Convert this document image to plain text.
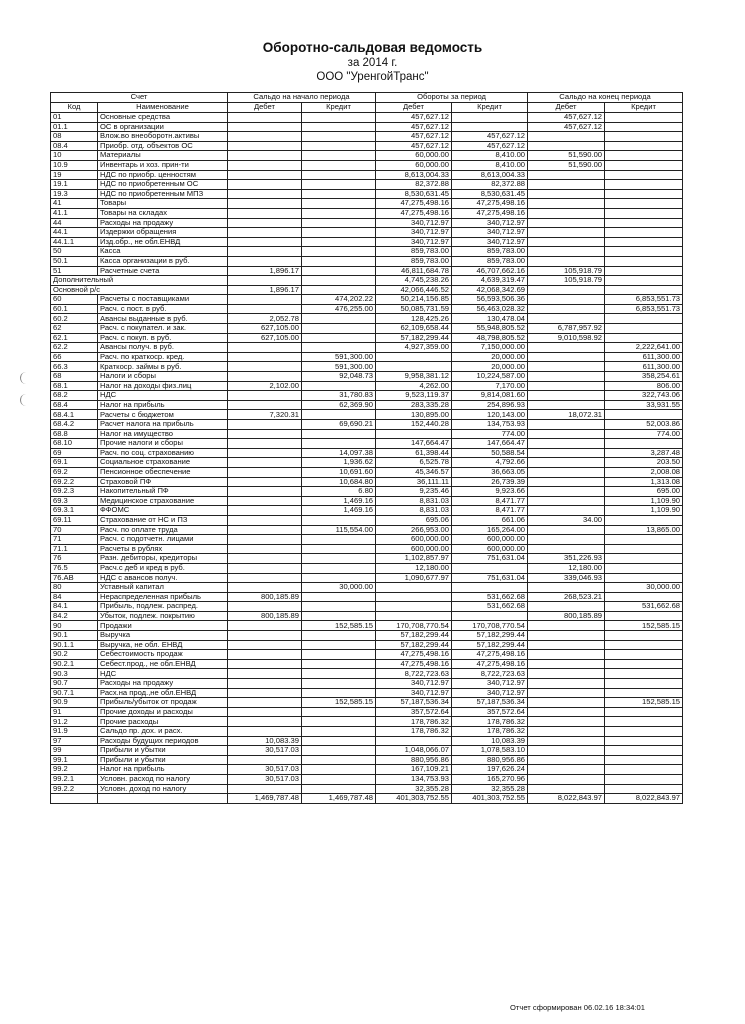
Оборотно-сальдовая ведомость
за 2014 г.
ООО "УренгойТранс"
Счет		Сальдо на начало периода		Обороты за период		Сальдо на конец периода	
Код	Наименование						
		Дебет	Кредит	Дебет	Кредит	Дебет	Кредит
01	Основные средства			457,627.12		457,627.12	
01.1	ОС в организации			457,627.12		457,627.12	
08	Влож.во внеоборотн.активы			457,627.12	457,627.12		
08.4	Приобр. отд. объектов ОС			457,627.12	457,627.12		
10	Материалы			60,000.00	8,410.00	51,590.00	
10.9	Инвентарь и хоз. прин-ти			60,000.00	8,410.00	51,590.00	
19	НДС по приобр. ценностям			8,613,004.33	8,613,004.33		
19.1	НДС по приобретенным ОС			82,372.88	82,372.88		
19.3	НДС по приобретенным МПЗ			8,530,631.45	8,530,631.45		
41	Товары			47,275,498.16	47,275,498.16		
41.1	Товары на складах			47,275,498.16	47,275,498.16		
44	Расходы на продажу			340,712.97	340,712.97		
44.1	Издержки обращения			340,712.97	340,712.97		
44.1.1	Изд.обр., не обл.ЕНВД			340,712.97	340,712.97		
50	Касса			859,783.00	859,783.00		
50.1	Касса организации в руб.			859,783.00	859,783.00		
51	Расчетные счета	1,896.17		46,811,684.78	46,707,662.16	105,918.79	
Дополнительный				4,745,238.26	4,639,319.47	105,918.79	
Основной р/с		1,896.17		42,066,446.52	42,068,342.69		
60	Расчеты с поставщиками		474,202.22	50,214,156.85	56,593,506.36		6,853,551.73
60.1	Расч. с пост. в руб.		476,255.00	50,085,731.59	56,463,028.32		6,853,551.73
60.2	Авансы выданные в руб.	2,052.78		128,425.26	130,478.04		
62	Расч. с покупател. и зак.	627,105.00		62,109,658.44	55,948,805.52	6,787,957.92	
62.1	Расч. с покуп. в руб.	627,105.00		57,182,299.44	48,798,805.52	9,010,598.92	
62.2	Авансы получ. в руб.			4,927,359.00	7,150,000.00		2,222,641.00
66	Расч. по краткоср. кред.		591,300.00		20,000.00		611,300.00
66.3	Краткоср. займы в руб.		591,300.00		20,000.00		611,300.00
68	Налоги и сборы		92,048.73	9,958,381.12	10,224,587.00		358,254.61
68.1	Налог на доходы физ.лиц	2,102.00		4,262.00	7,170.00		806.00
68.2	НДС		31,780.83	9,523,119.37	9,814,081.60		322,743.06
68.4	Налог на прибыль		62,369.90	283,335.28	254,896.93		33,931.55
68.4.1	Расчеты с бюджетом	7,320.31		130,895.00	120,143.00	18,072.31	
68.4.2	Расчет налога на прибыль		69,690.21	152,440.28	134,753.93		52,003.86
68.8	Налог на имущество				774.00		774.00
68.10	Прочие налоги и сборы			147,664.47	147,664.47		
69	Расч. по соц. страхованию		14,097.38	61,398.44	50,588.54		3,287.48
69.1	Социальное страхование		1,936.62	6,525.78	4,792.66		203.50
69.2	Пенсионное обеспечение		10,691.60	45,346.57	36,663.05		2,008.08
69.2.2	Страховой ПФ		10,684.80	36,111.11	26,739.39		1,313.08
69.2.3	Накопительный ПФ		6.80	9,235.46	9,923.66		695.00
69.3	Медицинское страхование		1,469.16	8,831.03	8,471.77		1,109.90
69.3.1	ФФОМС		1,469.16	8,831.03	8,471.77		1,109.90
69.11	Страхование от НС и ПЗ			695.06	661.06	34.00	
70	Расч. по оплате труда		115,554.00	266,953.00	165,264.00		13,865.00
71	Расч. с подотчетн. лицами			600,000.00	600,000.00		
71.1	Расчеты в рублях			600,000.00	600,000.00		
76	Разн. дебиторы, кредиторы			1,102,857.97	751,631.04	351,226.93	
76.5	Расч.с деб и кред в руб.			12,180.00		12,180.00	
76.АВ	НДС с авансов получ.			1,090,677.97	751,631.04	339,046.93	
80	Уставный капитал		30,000.00				30,000.00
84	Нераспределенная прибыль	800,185.89			531,662.68	268,523.21	
84.1	Прибыль, подлеж. распред.				531,662.68		531,662.68
84.2	Убыток, подлеж. покрытию	800,185.89				800,185.89	
90	Продажи		152,585.15	170,708,770.54	170,708,770.54		152,585.15
90.1	Выручка			57,182,299.44	57,182,299.44		
90.1.1	Выручка, не обл. ЕНВД			57,182,299.44	57,182,299.44		
90.2	Себестоимость продаж			47,275,498.16	47,275,498.16		
90.2.1	Себест.прод., не обл.ЕНВД			47,275,498.16	47,275,498.16		
90.3	НДС			8,722,723.63	8,722,723.63		
90.7	Расходы на продажу			340,712.97	340,712.97		
90.7.1	Расх.на прод.,не обл.ЕНВД			340,712.97	340,712.97		
90.9	Прибыль/убыток от продаж		152,585.15	57,187,536.34	57,187,536.34		152,585.15
91	Прочие доходы и расходы			357,572.64	357,572.64		
91.2	Прочие расходы			178,786.32	178,786.32		
91.9	Сальдо пр. дох. и расх.			178,786.32	178,786.32		
97	Расходы будущих периодов	10,083.39			10,083.39		
99	Прибыли и убытки	30,517.03		1,048,066.07	1,078,583.10		
99.1	Прибыли и убытки			880,956.86	880,956.86		
99.2	Налог на прибыль	30,517.03		167,109.21	197,626.24		
99.2.1	Условн. расход по налогу	30,517.03		134,753.93	165,270.96		
99.2.2	Условн. доход по налогу			32,355.28	32,355.28		
		1,469,787.48	1,469,787.48	401,303,752.55	401,303,752.55	8,022,843.97	8,022,843.97
Отчет сформирован 06.02.16 18:34:01
